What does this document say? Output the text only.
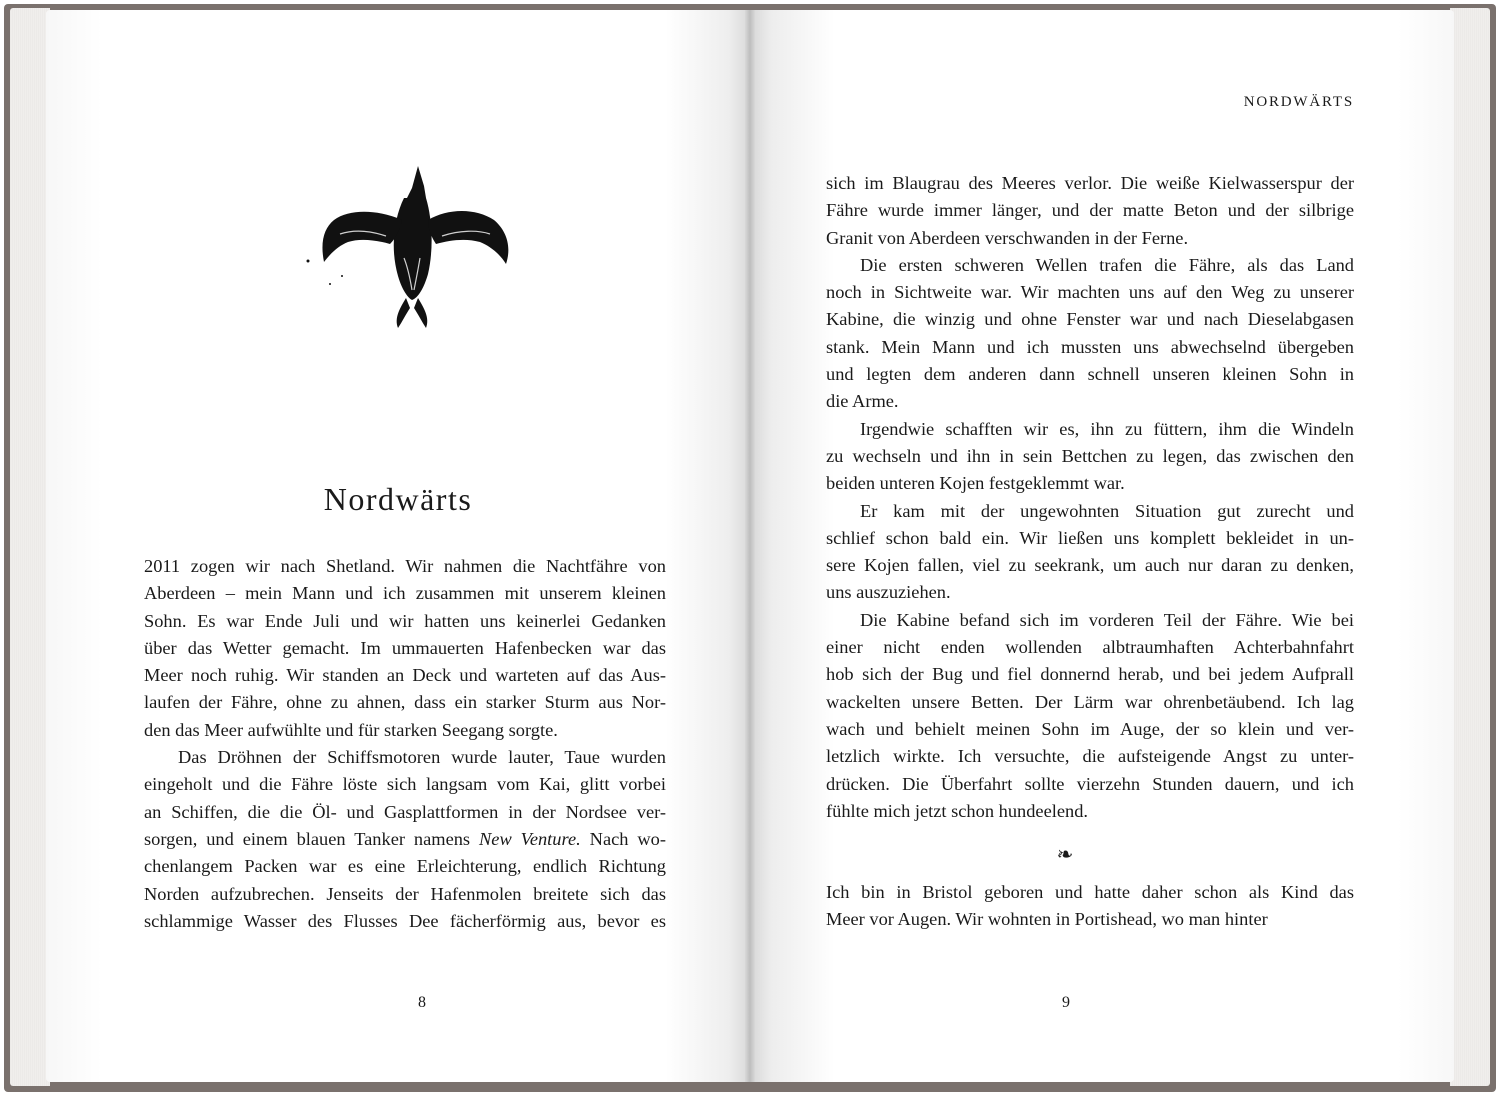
Nordwärts

2011 zogen wir nach Shetland. Wir nahmen die Nachtfähre von

Aberdeen – mein Mann und ich zusammen mit unserem kleinen

Sohn. Es war Ende Juli und wir hatten uns keinerlei Gedanken

über das Wetter gemacht. Im ummauerten Hafenbecken war das

Meer noch ruhig. Wir standen an Deck und warteten auf das Aus-

laufen der Fähre, ohne zu ahnen, dass ein starker Sturm aus Nor-

den das Meer aufwühlte und für starken Seegang sorgte.

Das Dröhnen der Schiffsmotoren wurde lauter, Taue wurden

eingeholt und die Fähre löste sich langsam vom Kai, glitt vorbei

an Schiffen, die die Öl- und Gasplattformen in der Nordsee ver-

sorgen, und einem blauen Tanker namens New Venture. Nach wo-

chenlangem Packen war es eine Erleichterung, endlich Richtung

Norden aufzubrechen. Jenseits der Hafenmolen breitete sich das

schlammige Wasser des Flusses Dee fächerförmig aus, bevor es

NORDWÄRTS

sich im Blaugrau des Meeres verlor. Die weiße Kielwasserspur der

Fähre wurde immer länger, und der matte Beton und der silbrige

Granit von Aberdeen verschwanden in der Ferne.

Die ersten schweren Wellen trafen die Fähre, als das Land

noch in Sichtweite war. Wir machten uns auf den Weg zu unserer

Kabine, die winzig und ohne Fenster war und nach Dieselabgasen

stank. Mein Mann und ich mussten uns abwechselnd übergeben

und legten dem anderen dann schnell unseren kleinen Sohn in

die Arme.

Irgendwie schafften wir es, ihn zu füttern, ihm die Windeln

zu wechseln und ihn in sein Bettchen zu legen, das zwischen den

beiden unteren Kojen festgeklemmt war.

Er kam mit der ungewohnten Situation gut zurecht und

schlief schon bald ein. Wir ließen uns komplett bekleidet in un-

sere Kojen fallen, viel zu seekrank, um auch nur daran zu denken,

uns auszuziehen.

Die Kabine befand sich im vorderen Teil der Fähre. Wie bei

einer nicht enden wollenden albtraumhaften Achterbahnfahrt

hob sich der Bug und fiel donnernd herab, und bei jedem Aufprall

wackelten unsere Betten. Der Lärm war ohrenbetäubend. Ich lag

wach und behielt meinen Sohn im Auge, der so klein und ver-

letzlich wirkte. Ich versuchte, die aufsteigende Angst zu unter-

drücken. Die Überfahrt sollte vierzehn Stunden dauern, und ich

fühlte mich jetzt schon hundeelend.

❧

Ich bin in Bristol geboren und hatte daher schon als Kind das

Meer vor Augen. Wir wohnten in Portishead, wo man hinter

8	9
